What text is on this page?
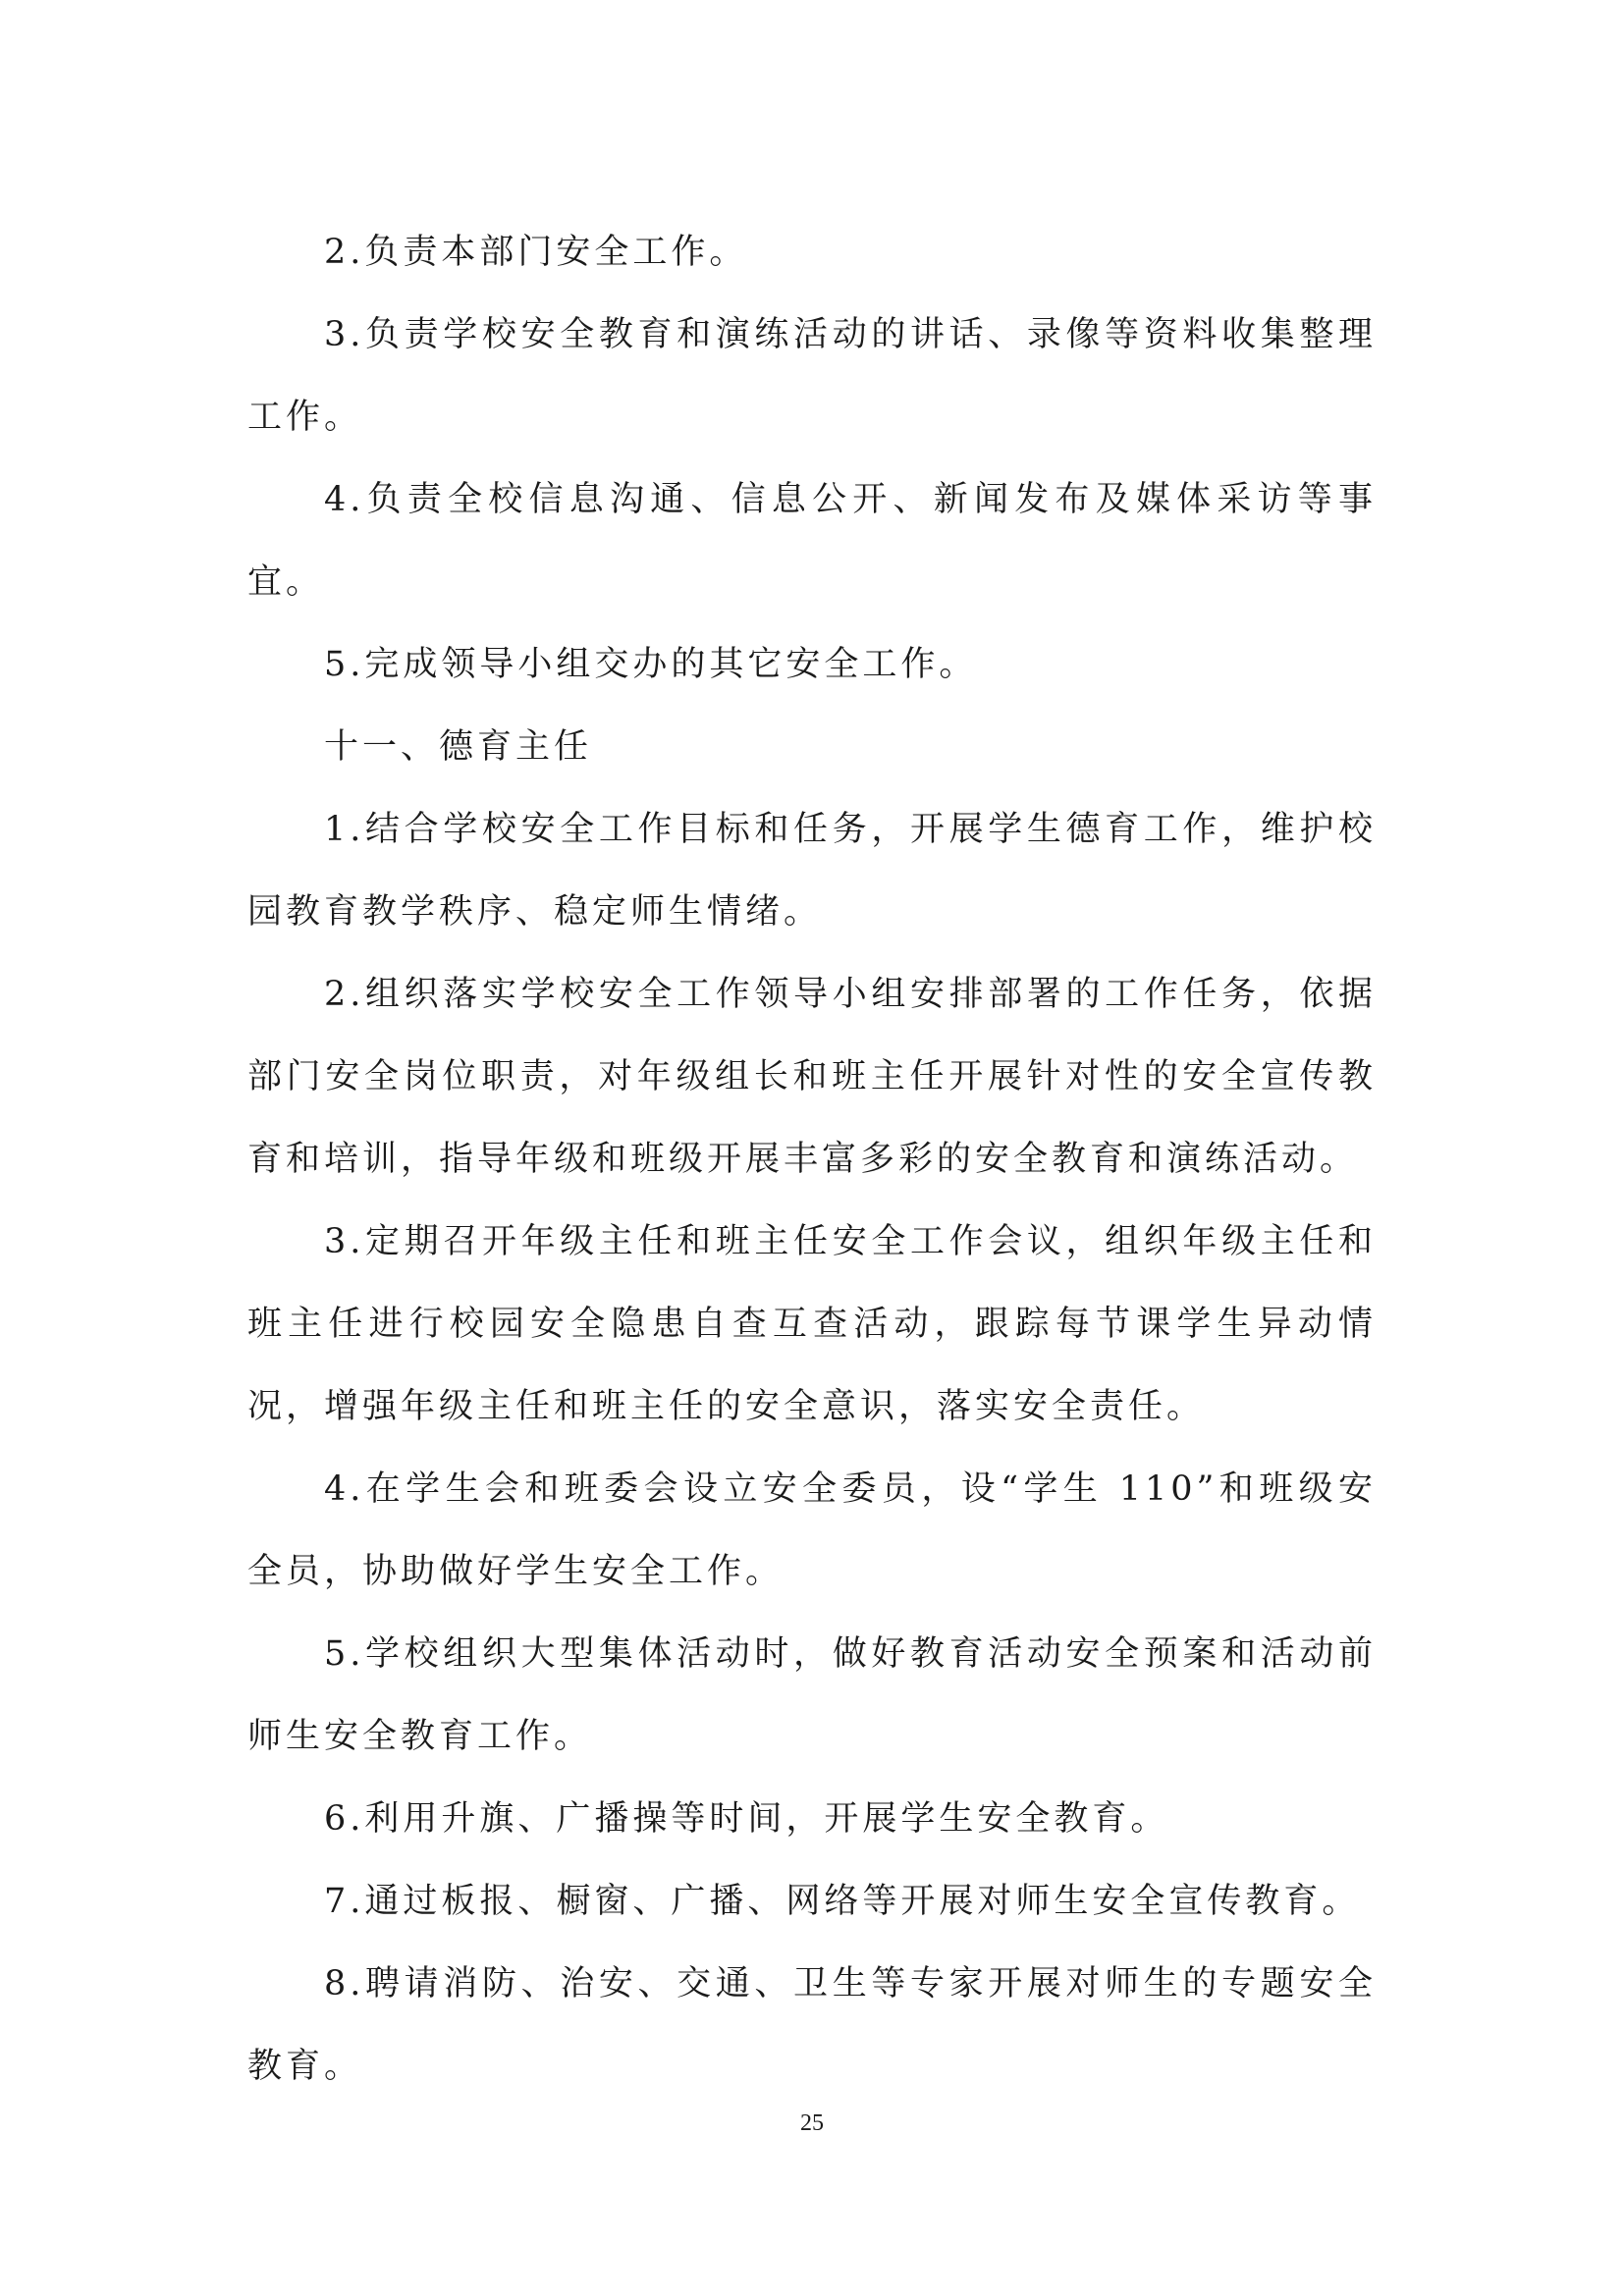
2.负责本部门安全工作。

3.负责学校安全教育和演练活动的讲话、录像等资料收集整理工作。

4.负责全校信息沟通、信息公开、新闻发布及媒体采访等事宜。

5.完成领导小组交办的其它安全工作。

十一、德育主任

1.结合学校安全工作目标和任务，开展学生德育工作，维护校园教育教学秩序、稳定师生情绪。

2.组织落实学校安全工作领导小组安排部署的工作任务，依据部门安全岗位职责，对年级组长和班主任开展针对性的安全宣传教育和培训，指导年级和班级开展丰富多彩的安全教育和演练活动。

3.定期召开年级主任和班主任安全工作会议，组织年级主任和班主任进行校园安全隐患自查互查活动，跟踪每节课学生异动情况，增强年级主任和班主任的安全意识，落实安全责任。

4.在学生会和班委会设立安全委员，设“学生 110”和班级安全员，协助做好学生安全工作。

5.学校组织大型集体活动时，做好教育活动安全预案和活动前师生安全教育工作。

6.利用升旗、广播操等时间，开展学生安全教育。

7.通过板报、橱窗、广播、网络等开展对师生安全宣传教育。

8.聘请消防、治安、交通、卫生等专家开展对师生的专题安全教育。

25
